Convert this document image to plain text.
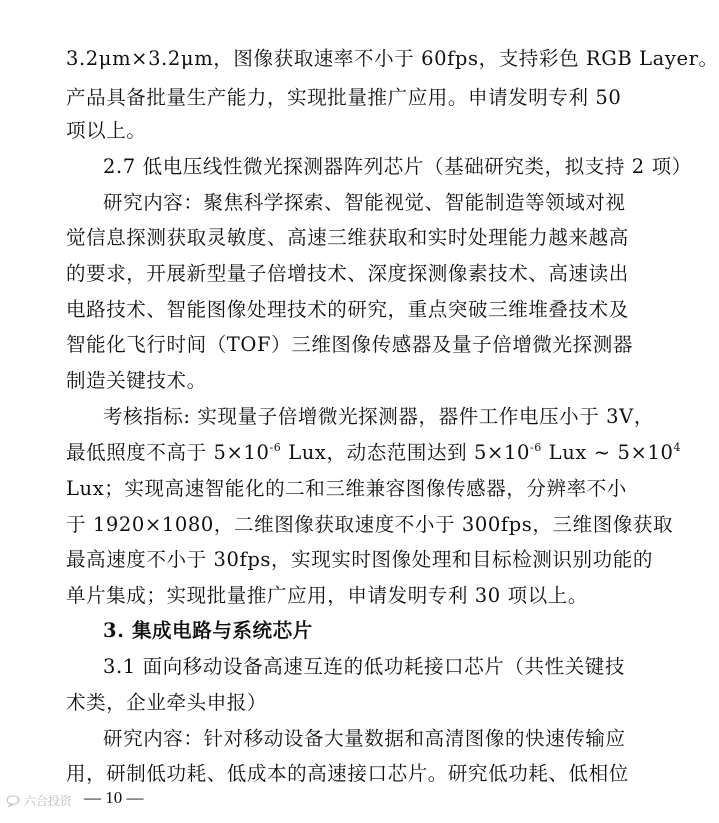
3.2μm×3.2μm，图像获取速率不小于 60fps，支持彩色 RGB Layer。
产品具备批量生产能力，实现批量推广应用。申请发明专利 50
项以上。
2.7 低电压线性微光探测器阵列芯片（基础研究类，拟支持 2 项）
研究内容：聚焦科学探索、智能视觉、智能制造等领域对视
觉信息探测获取灵敏度、高速三维获取和实时处理能力越来越高
的要求，开展新型量子倍增技术、深度探测像素技术、高速读出
电路技术、智能图像处理技术的研究，重点突破三维堆叠技术及
智能化飞行时间（TOF）三维图像传感器及量子倍增微光探测器
制造关键技术。
考核指标: 实现量子倍增微光探测器，器件工作电压小于 3V，
最低照度不高于 $5\times 10^{-6}$ Lux，动态范围达到 $5\times 10^{-6}$ Lux ~ $5\times 10^4$
Lux；实现高速智能化的二和三维兼容图像传感器，分辨率不小
于 1920×1080，二维图像获取速度不小于 300fps，三维图像获取
最高速度不小于 30fps，实现实时图像处理和目标检测识别功能的
单片集成；实现批量推广应用，申请发明专利 30 项以上。
3. 集成电路与系统芯片
3.1 面向移动设备高速互连的低功耗接口芯片（共性关键技
术类，企业牵头申报）
研究内容：针对移动设备大量数据和高清图像的快速传输应
用，研制低功耗、低成本的高速接口芯片。研究低功耗、低相位
— 10 —
六合投资
